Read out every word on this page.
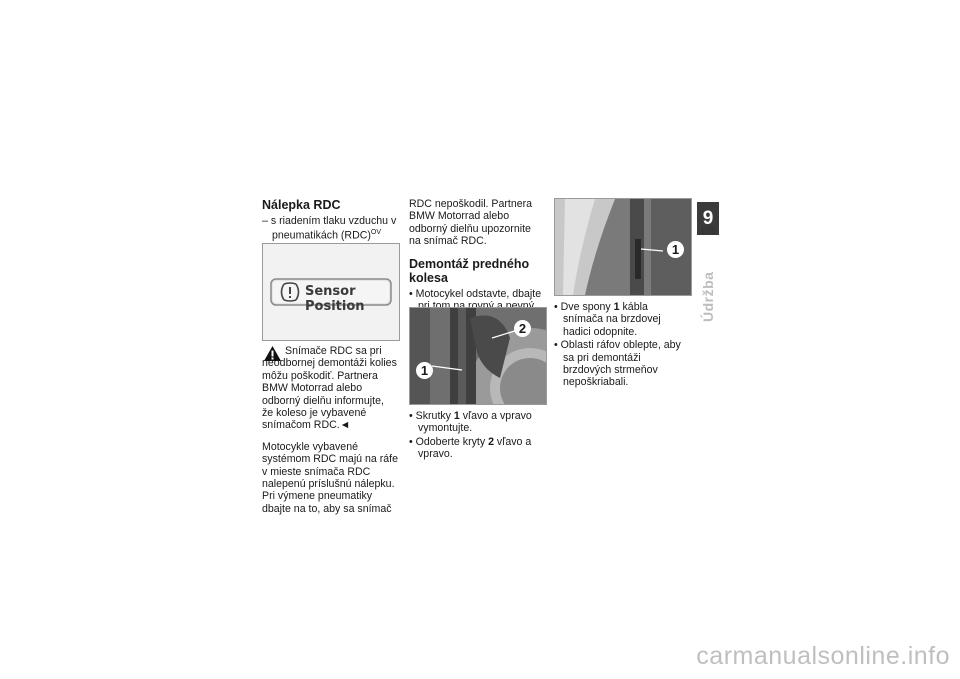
Nálepka RDC

– s riadením tlaku vzduchu v pneumatikách (RDC)$^{OV}$

Sensor Position

Snímače RDC sa pri neodbornej demontáži kolies môžu poškodiť. Partnera BMW Motorrad alebo odborný dielňu informujte, že koleso je vybavené snímačom RDC.◄

Motocykle vybavené systémom RDC majú na ráfe v mieste snímača RDC nalepenú príslušnú nálepku. Pri výmene pneumatiky dbajte na to, aby sa snímač

RDC nepoškodil. Partnera BMW Motorrad alebo odborný dielňu upozornite na snímač RDC.

Demontáž predného kolesa

• Motocykel odstavte, dbajte

2
1

• Skrutky 1 vľavo a vpravo vymontujte.

• Odoberte kryty 2 vľavo a vpravo.

1

• Dve spony 1 kábla snímača na brzdovej hadici odopnite.

• Oblasti ráfov oblepte, aby sa pri demontáži brzdových strmeňov nepoškriabali.

9
105
Údržba
carmanualsonline.info
